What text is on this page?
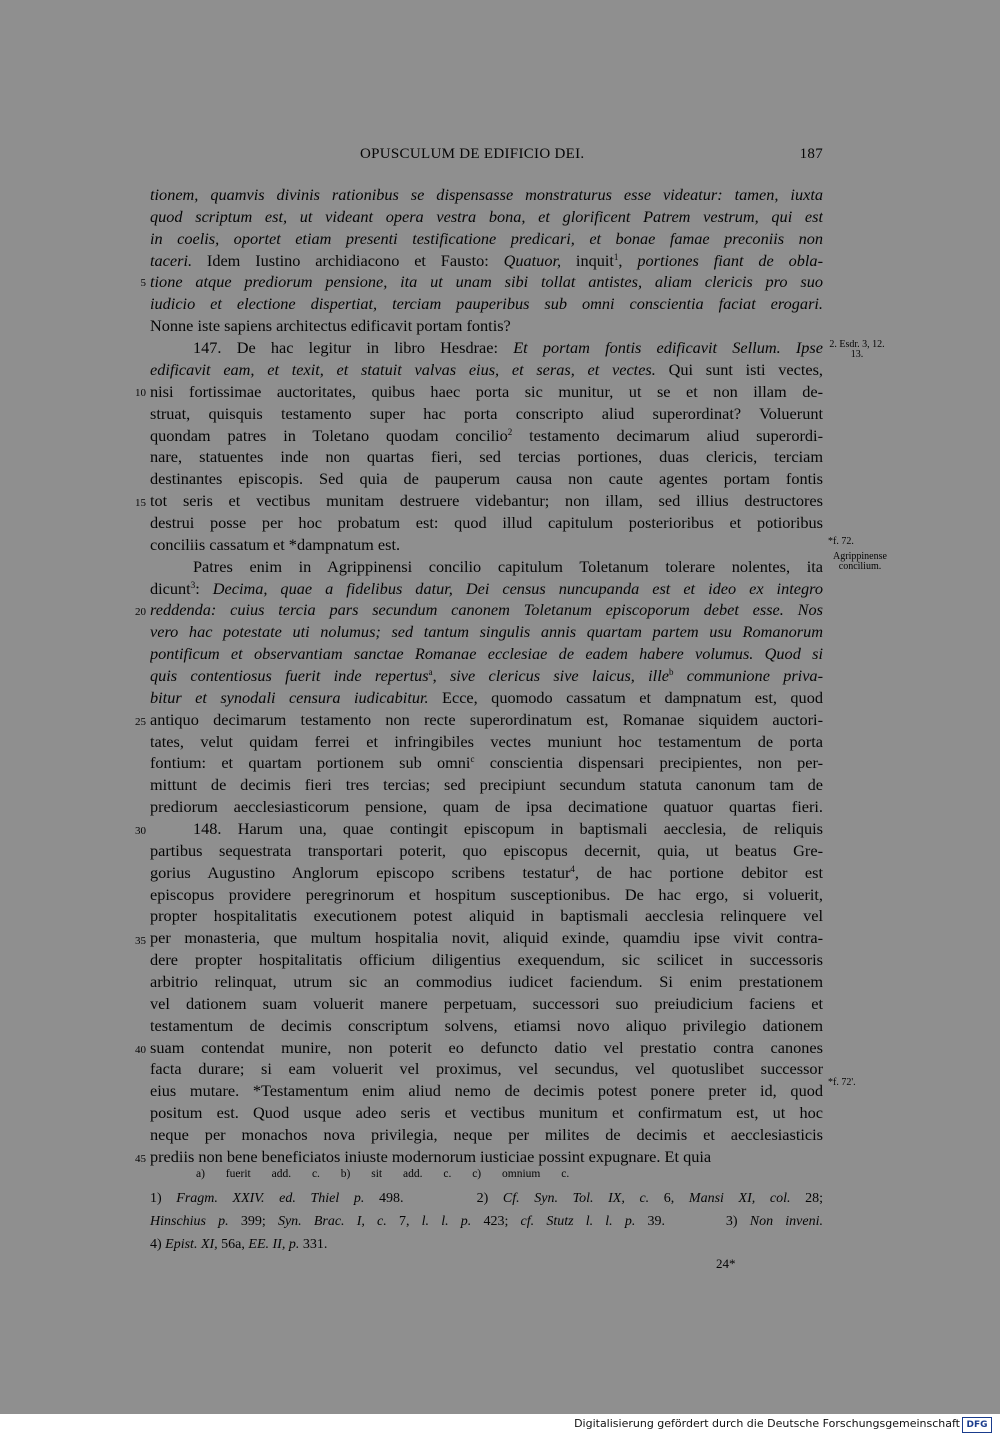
OPUSCULUM DE EDIFICIO DEI.	187
tionem, quamvis divinis rationibus se dispensasse monstraturus esse videatur: tamen, iuxta
quod scriptum est, ut videant opera vestra bona, et glorificent Patrem vestrum, qui est
in coelis, oportet etiam presenti testificatione predicari, et bonae famae preconiis non
taceri. Idem Iustino archidiacono et Fausto: Quatuor, inquit$^1$, portiones fiant de obla-
tione atque prediorum pensione, ita ut unam sibi tollat antistes, aliam clericis pro suo
iudicio et electione dispertiat, terciam pauperibus sub omni conscientia faciat erogari.
Nonne iste sapiens architectus edificavit portam fontis?
147. De hac legitur in libro Hesdrae: Et portam fontis edificavit Sellum. Ipse
edificavit eam, et texit, et statuit valvas eius, et seras, et vectes. Qui sunt isti vectes,
nisi fortissimae auctoritates, quibus haec porta sic munitur, ut se et non illam de-
struat, quisquis testamento super hac porta conscripto aliud superordinat? Voluerunt
quondam patres in Toletano quodam concilio$^2$ testamento decimarum aliud superordi-
nare, statuentes inde non quartas fieri, sed tercias portiones, duas clericis, terciam
destinantes episcopis. Sed quia de pauperum causa non caute agentes portam fontis
tot seris et vectibus munitam destruere videbantur; non illam, sed illius destructores
destrui posse per hoc probatum est: quod illud capitulum posterioribus et potioribus
conciliis cassatum et *dampnatum est.
Patres enim in Agrippinensi concilio capitulum Toletanum tolerare nolentes, ita
dicunt$^3$: Decima, quae a fidelibus datur, Dei census nuncupanda est et ideo ex integro
reddenda: cuius tercia pars secundum canonem Toletanum episcoporum debet esse. Nos
vero hac potestate uti nolumus; sed tantum singulis annis quartam partem usu Romanorum
pontificum et observantiam sanctae Romanae ecclesiae de eadem habere volumus. Quod si
quis contentiosus fuerit inde repertus$^a$, sive clericus sive laicus, ille$^b$ communione priva-
bitur et synodali censura iudicabitur. Ecce, quomodo cassatum et dampnatum est, quod
antiquo decimarum testamento non recte superordinatum est, Romanae siquidem auctori-
tates, velut quidam ferrei et infringibiles vectes muniunt hoc testamentum de porta
fontium: et quartam portionem sub omni$^c$ conscientia dispensari precipientes, non per-
mittunt de decimis fieri tres tercias; sed precipiunt secundum statuta canonum tam de
prediorum aecclesiasticorum pensione, quam de ipsa decimatione quatuor quartas fieri.
148. Harum una, quae contingit episcopum in baptismali aecclesia, de reliquis
partibus sequestrata transportari poterit, quo episcopus decernit, quia, ut beatus Gre-
gorius Augustino Anglorum episcopo scribens testatur$^4$, de hac portione debitor est
episcopus providere peregrinorum et hospitum susceptionibus. De hac ergo, si voluerit,
propter hospitalitatis executionem potest aliquid in baptismali aecclesia relinquere vel
per monasteria, que multum hospitalia novit, aliquid exinde, quamdiu ipse vivit contra-
dere propter hospitalitatis officium diligentius exequendum, sic scilicet in successoris
arbitrio relinquat, utrum sic an commodius iudicet faciendum. Si enim prestationem
vel dationem suam voluerit manere perpetuam, successori suo preiudicium faciens et
testamentum de decimis conscriptum solvens, etiamsi novo aliquo privilegio dationem
suam contendat munire, non poterit eo defuncto datio vel prestatio contra canones
facta durare; si eam voluerit vel proximus, vel secundus, vel quotuslibet successor
eius mutare. *Testamentum enim aliud nemo de decimis potest ponere preter id, quod
positum est. Quod usque adeo seris et vectibus munitum et confirmatum est, ut hoc
neque per monachos nova privilegia, neque per milites de decimis et aecclesiasticis
prediis non bene beneficiatos iniuste modernorum iusticiae possint expugnare. Et quia
5
10
15
20
25
30
35
40
45
2. Esdr. 3, 12. 13.
*f. 72.
Agrippinense concilium.
*f. 72'.
a) fuerit add. c. b) sit add. c. c) omnium c.
1) Fragm. XXIV. ed. Thiel p. 498.     2) Cf. Syn. Tol. IX, c. 6, Mansi XI, col. 28;
Hinschius p. 399; Syn. Brac. I, c. 7, l. l. p. 423; cf. Stutz l. l. p. 39.     3) Non inveni.
4) Epist. XI, 56a, EE. II, p. 331.
24*
Digitalisierung gefördert durch die Deutsche Forschungsgemeinschaft DFG
